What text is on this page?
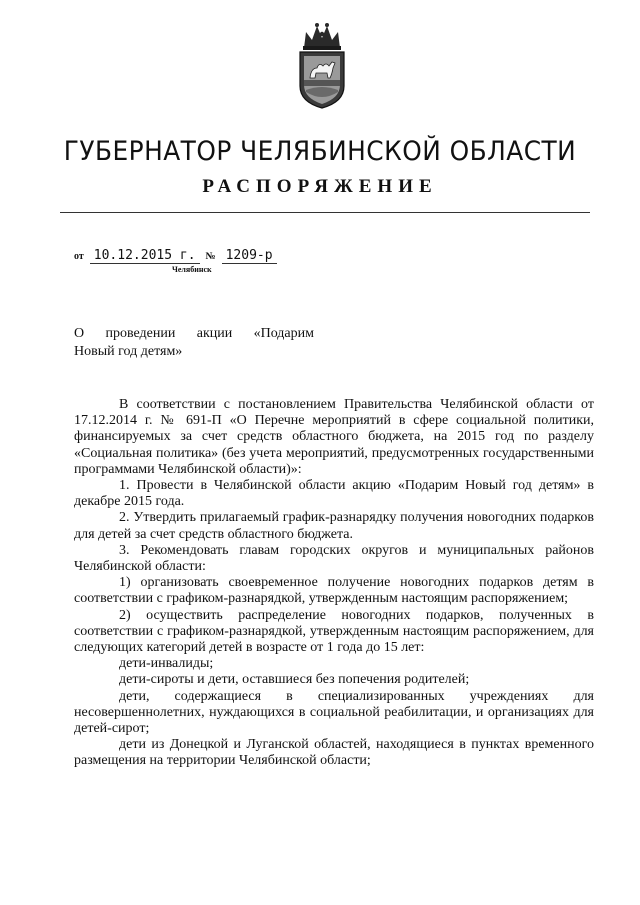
ГУБЕРНАТОР ЧЕЛЯБИНСКОЙ ОБЛАСТИ
РАСПОРЯЖЕНИЕ
от 10.12.2015 г. № 1209-р
Челябинск
О проведении акции «Подарим
Новый год детям»

В соответствии с постановлением Правительства Челябинской области от 17.12.2014 г. № 691-П «О Перечне мероприятий в сфере социальной политики, финансируемых за счет средств областного бюджета, на 2015 год по разделу «Социальная политика» (без учета мероприятий, предусмотренных государственными программами Челябинской области)»:

1. Провести в Челябинской области акцию «Подарим Новый год детям» в декабре 2015 года.

2. Утвердить прилагаемый график-разнарядку получения новогодних подарков для детей за счет средств областного бюджета.

3. Рекомендовать главам городских округов и муниципальных районов Челябинской области:

1) организовать своевременное получение новогодних подарков детям в соответствии с графиком-разнарядкой, утвержденным настоящим распоряжением;

2) осуществить распределение новогодних подарков, полученных в соответствии с графиком-разнарядкой, утвержденным настоящим распоряжением, для следующих категорий детей в возрасте от 1 года до 15 лет:

дети-инвалиды;

дети-сироты и дети, оставшиеся без попечения родителей;

дети, содержащиеся в специализированных учреждениях для несовершеннолетних, нуждающихся в социальной реабилитации, и организациях для детей-сирот;

дети из Донецкой и Луганской областей, находящиеся в пунктах временного размещения на территории Челябинской области;
